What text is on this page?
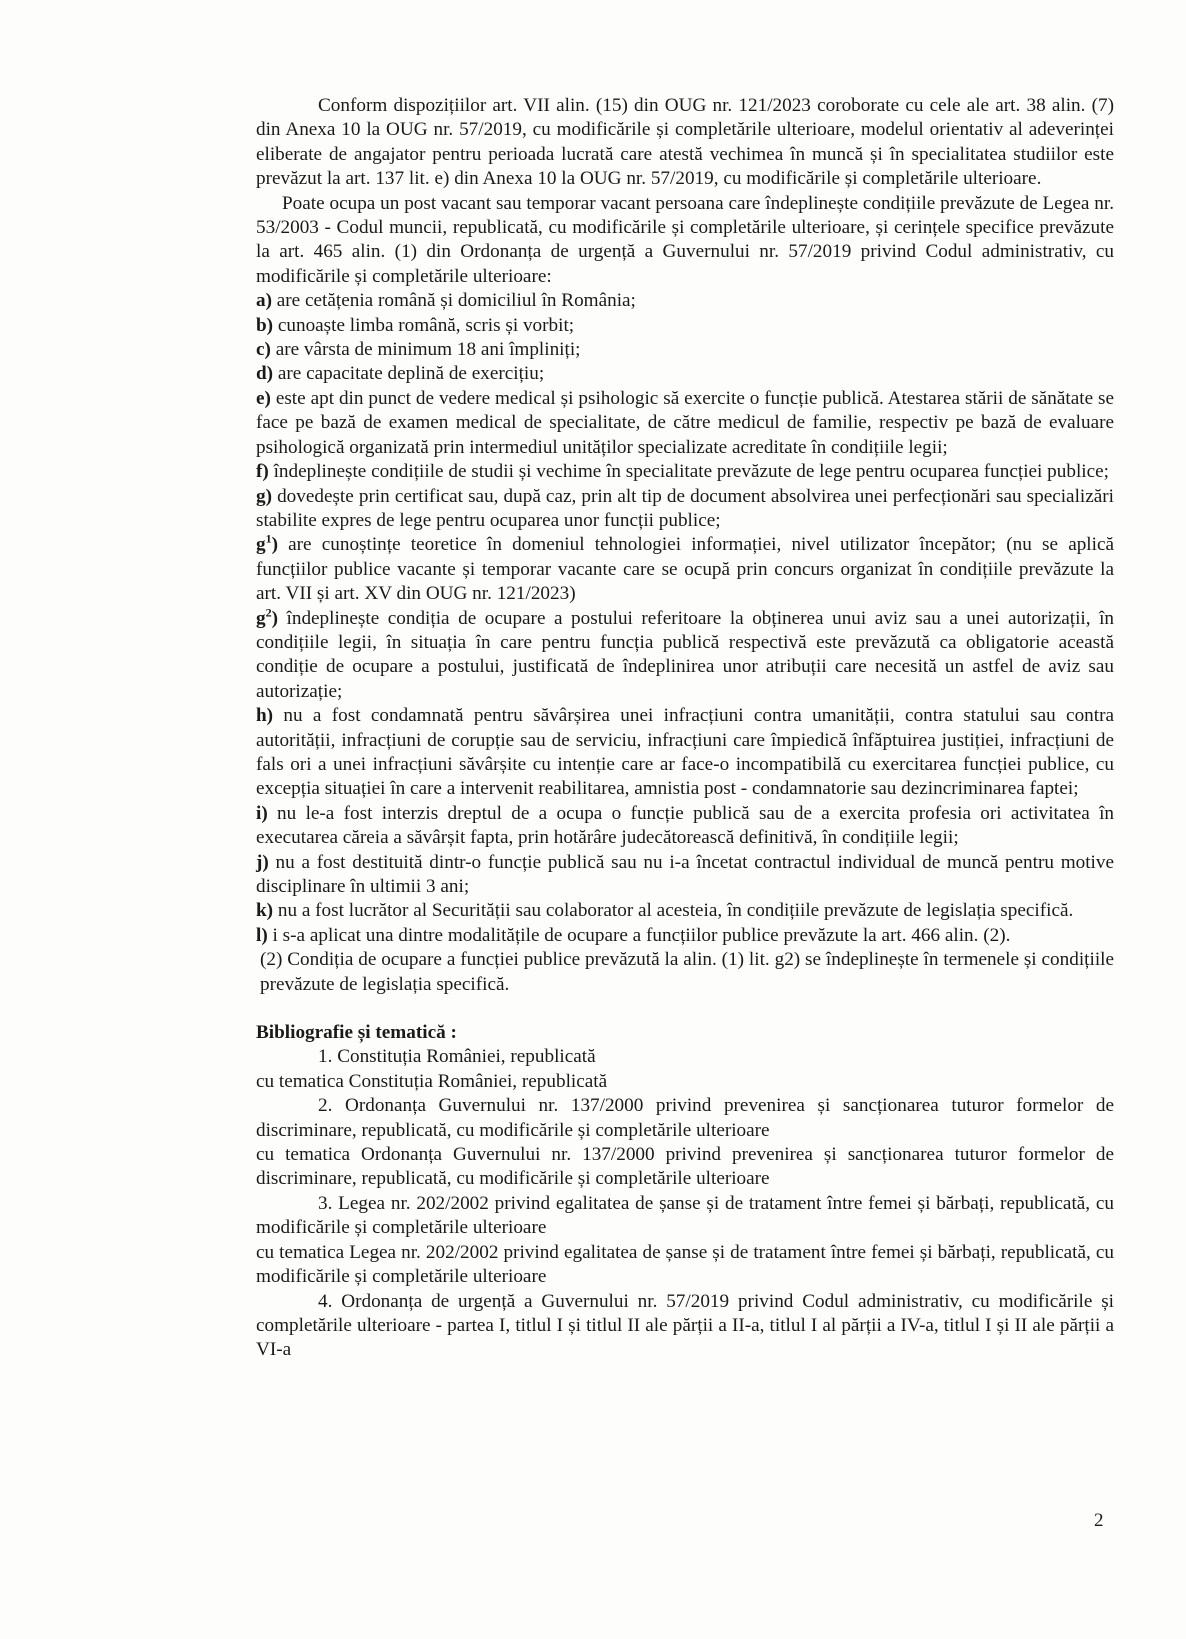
Conform dispozițiilor art. VII alin. (15) din OUG nr. 121/2023 coroborate cu cele ale art. 38 alin. (7) din Anexa 10 la OUG nr. 57/2019, cu modificările și completările ulterioare, modelul orientativ al adeverinței eliberate de angajator pentru perioada lucrată care atestă vechimea în muncă și în specialitatea studiilor este prevăzut la art. 137 lit. e) din Anexa 10 la OUG nr. 57/2019, cu modificările și completările ulterioare.

Poate ocupa un post vacant sau temporar vacant persoana care îndeplinește condițiile prevăzute de Legea nr. 53/2003 - Codul muncii, republicată, cu modificările și completările ulterioare, și cerințele specifice prevăzute la art. 465 alin. (1) din Ordonanța de urgență a Guvernului nr. 57/2019 privind Codul administrativ, cu modificările și completările ulterioare:

a) are cetățenia română și domiciliul în România;

b) cunoaște limba română, scris și vorbit;

c) are vârsta de minimum 18 ani împliniți;

d) are capacitate deplină de exercițiu;

e) este apt din punct de vedere medical și psihologic să exercite o funcție publică. Atestarea stării de sănătate se face pe bază de examen medical de specialitate, de către medicul de familie, respectiv pe bază de evaluare psihologică organizată prin intermediul unităților specializate acreditate în condițiile legii;

f) îndeplinește condițiile de studii și vechime în specialitate prevăzute de lege pentru ocuparea funcției publice;

g) dovedește prin certificat sau, după caz, prin alt tip de document absolvirea unei perfecționări sau specializări stabilite expres de lege pentru ocuparea unor funcții publice;

$g^1$) are cunoștințe teoretice în domeniul tehnologiei informației, nivel utilizator începător; (nu se aplică funcțiilor publice vacante și temporar vacante care se ocupă prin concurs organizat în condițiile prevăzute la art. VII și art. XV din OUG nr. 121/2023)

$g^2$) îndeplinește condiția de ocupare a postului referitoare la obținerea unui aviz sau a unei autorizații, în condițiile legii, în situația în care pentru funcția publică respectivă este prevăzută ca obligatorie această condiție de ocupare a postului, justificată de îndeplinirea unor atribuții care necesită un astfel de aviz sau autorizație;

h) nu a fost condamnată pentru săvârșirea unei infracțiuni contra umanității, contra statului sau contra autorității, infracțiuni de corupție sau de serviciu, infracțiuni care împiedică înfăptuirea justiției, infracțiuni de fals ori a unei infracțiuni săvârșite cu intenție care ar face-o incompatibilă cu exercitarea funcției publice, cu excepția situației în care a intervenit reabilitarea, amnistia post - condamnatorie sau dezincriminarea faptei;

i) nu le-a fost interzis dreptul de a ocupa o funcție publică sau de a exercita profesia ori activitatea în executarea căreia a săvârșit fapta, prin hotărâre judecătorească definitivă, în condițiile legii;

j) nu a fost destituită dintr-o funcție publică sau nu i-a încetat contractul individual de muncă pentru motive disciplinare în ultimii 3 ani;

k) nu a fost lucrător al Securității sau colaborator al acesteia, în condițiile prevăzute de legislația specifică.

l) i s-a aplicat una dintre modalitățile de ocupare a funcțiilor publice prevăzute la art. 466 alin. (2).

(2) Condiția de ocupare a funcției publice prevăzută la alin. (1) lit. g2) se îndeplinește în termenele și condițiile prevăzute de legislația specifică.

Bibliografie și tematică :

1. Constituția României, republicată

cu tematica Constituția României, republicată

2. Ordonanța Guvernului nr. 137/2000 privind prevenirea și sancționarea tuturor formelor de discriminare, republicată, cu modificările și completările ulterioare

cu tematica Ordonanța Guvernului nr. 137/2000 privind prevenirea și sancționarea tuturor formelor de discriminare, republicată, cu modificările și completările ulterioare

3. Legea nr. 202/2002 privind egalitatea de șanse și de tratament între femei și bărbați, republicată, cu modificările și completările ulterioare

cu tematica Legea nr. 202/2002 privind egalitatea de șanse și de tratament între femei și bărbați, republicată, cu modificările și completările ulterioare

4. Ordonanța de urgență a Guvernului nr. 57/2019 privind Codul administrativ, cu modificările și completările ulterioare - partea I, titlul I și titlul II ale părții a II-a, titlul I al părții a IV-a, titlul I și II ale părții a VI-a

2
